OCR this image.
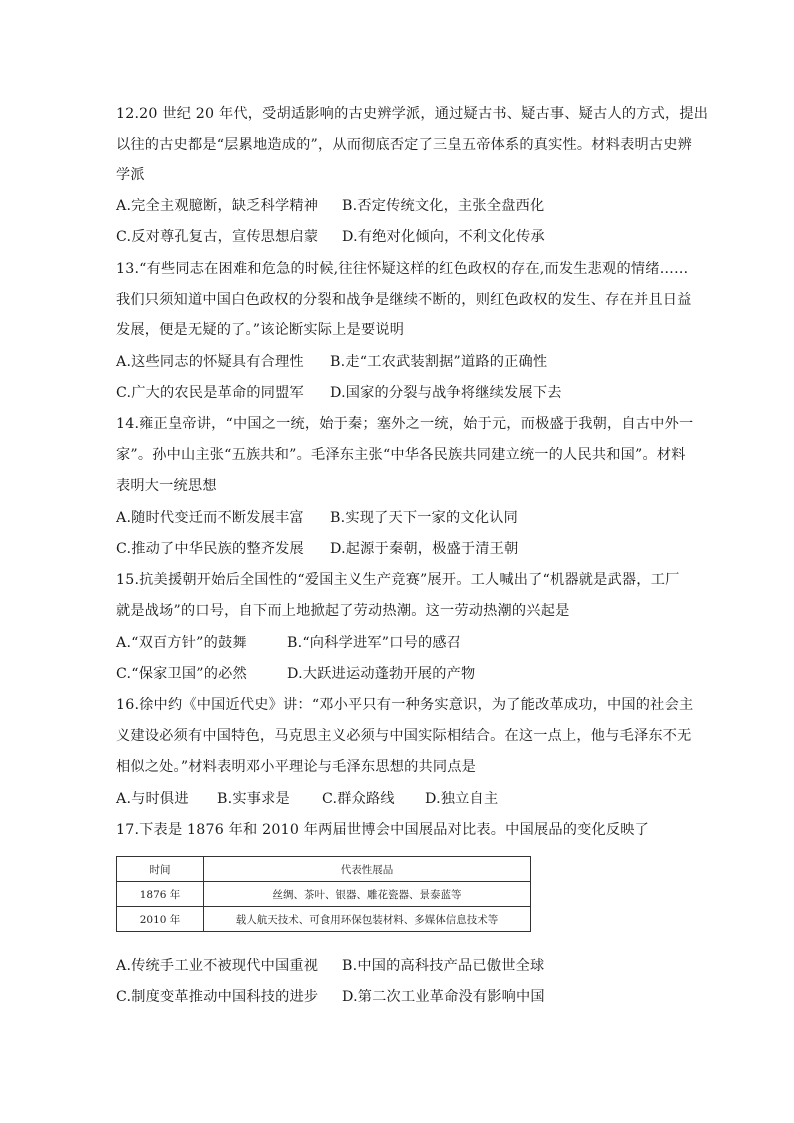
12.20 世纪 20 年代，受胡适影响的古史辨学派，通过疑古书、疑古事、疑古人的方式，提出
以往的古史都是“层累地造成的”，从而彻底否定了三皇五帝体系的真实性。材料表明古史辨
学派
A.完全主观臆断，缺乏科学精神 B.否定传统文化，主张全盘西化
C.反对尊孔复古，宣传思想启蒙 D.有绝对化倾向，不利文化传承
13.“有些同志在困难和危急的时候,往往怀疑这样的红色政权的存在,而发生悲观的情绪……
我们只须知道中国白色政权的分裂和战争是继续不断的，则红色政权的发生、存在并且日益
发展，便是无疑的了。”该论断实际上是要说明
A.这些同志的怀疑具有合理性 B.走“工农武装割据”道路的正确性
C.广大的农民是革命的同盟军 D.国家的分裂与战争将继续发展下去
14.雍正皇帝讲，“中国之一统，始于秦；塞外之一统，始于元，而极盛于我朝，自古中外一
家”。孙中山主张“五族共和”。毛泽东主张“中华各民族共同建立统一的人民共和国”。材料
表明大一统思想
A.随时代变迁而不断发展丰富 B.实现了天下一家的文化认同
C.推动了中华民族的整齐发展 D.起源于秦朝，极盛于清王朝
15.抗美援朝开始后全国性的“爱国主义生产竞赛”展开。工人喊出了“机器就是武器，工厂
就是战场”的口号，自下而上地掀起了劳动热潮。这一劳动热潮的兴起是
A.“双百方针”的鼓舞	B.“向科学进军”口号的感召
C.“保家卫国”的必然	D.大跃进运动蓬勃开展的产物
16.徐中约《中国近代史》讲：“邓小平只有一种务实意识，为了能改革成功，中国的社会主
义建设必须有中国特色，马克思主义必须与中国实际相结合。在这一点上，他与毛泽东不无
相似之处。”材料表明邓小平理论与毛泽东思想的共同点是
A.与时俱进 B.实事求是 C.群众路线 D.独立自主
17.下表是 1876 年和 2010 年两届世博会中国展品对比表。中国展品的变化反映了
时间	代表性展品
1876 年	丝绸、茶叶、银器、雕花瓷器、景泰蓝等
2010 年	载人航天技术、可食用环保包装材料、多媒体信息技术等
A.传统手工业不被现代中国重视 B.中国的高科技产品已傲世全球
C.制度变革推动中国科技的进步 D.第二次工业革命没有影响中国
